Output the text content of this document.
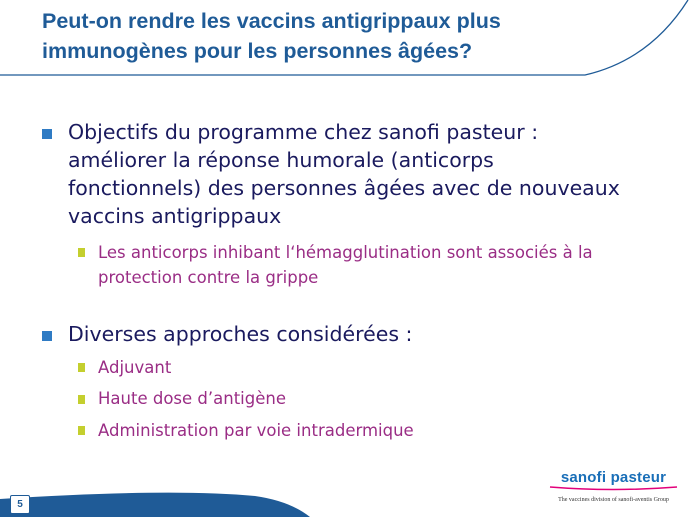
Peut-on rendre les vaccins antigrippaux plus
immunogènes pour les personnes âgées?
Objectifs du programme chez sanofi pasteur :
améliorer la réponse humorale (anticorps
fonctionnels) des personnes âgées avec de nouveaux
vaccins antigrippaux
Les anticorps inhibant l‘hémagglutination sont associés à la
protection contre la grippe
Diverses approches considérées :
Adjuvant
Haute dose d’antigène
Administration par voie intradermique
5
sanofi pasteur
The vaccines division of sanofi-aventis Group
